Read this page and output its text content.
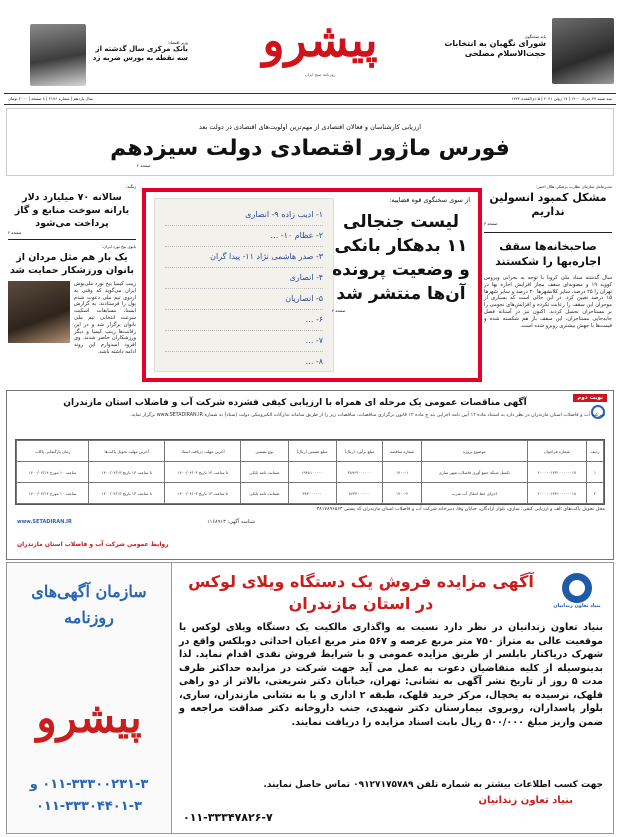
پایه سخنگوی
شورای نگهبان به انتخابات حجت‌الاسلام مصلحی
پیشرو
روزنامه صبح ایران
وزیر اقتصاد:
بانک مرکزی سال گذشته از سه نقطه به بورس ضربه زد
سه شنبه ۲۷ خرداد ۱۴۰۰ | ۱۷ ژوئن ۲۰۲۱ | ۵ ذی‌القعده ۱۴۴۲
سال یازدهم | شماره ۴۱۷۶ | ۸ صفحه | ۲۰۰۰ تومان
ارزیابی کارشناسان و فعالان اقتصادی از مهم‌ترین اولویت‌های اقتصادی در دولت بعد
فورس ماژور اقتصادی دولت سیزدهم
صفحه ۲
مدیرعامل سازمان نظارت بزشکی هلال احمر:
مشکل کمبود انسولین نداریم
صفحه ۳
صاحبخانه‌ها سقف اجاره‌بها را شکستند
سال گذشته ستاد ملی کرونا با توجه به بحرانی ویروس کووید ۱۹ و مصوبه‌ای سقف مجاز افزایش اجاره بها در تهران را ۲۵ درصد، سایر کلانشهرها ۲۰ درصد و سایر شهرها ۱۵ درصد تعیین کرد. در این حالی است که بسیاری از موجران این سقف را رعایت نکرده و افزایش‌های نجومی را بر مستاجران تحمیل کردند. اکنون نیز در آستانه فصل جابه‌جایی مستاجران، این سقف باز هم شکسته شده و قیمت‌ها با جهش بیشتری روبرو شده است.
۱- ادیب زاده ۹- انصاری
۲- عظام ۱۰- …
۳- صدر هاشمی نژاد ۱۱- پیدا گران
۴- انصاری
۵- انصاریان
۶- …
۷- …
۸- …
از سوی سخنگوی قوه قضاییه:
لیست جنجالی ۱۱ بدهکار بانکی و وضعیت پرونده آن‌ها منتشر شد
صفحه ۲
زنگنه:
سالانه ۷۰ میلیارد دلار یارانه سوخت منابع و گاز پرداخت می‌شود
صفحه ۲
بانوی بیخ نورد ایران:
یک بار هم مثل مردان از بانوان ورزشکار حمایت شد
زینب کیمیا بیخ نورد ملی‌پوش ایران می‌گوید که وقتی به اردوی تیم ملی دعوت شدم پول را فرستادند. به گزارش ایسنا، مسابقات اسکیت سرعت انتخابی تیم ملی بانوان برگزار شد و در این رقابت‌ها زینب کیمیا و دیگر ورزشکاران حاضر شدند. وی افزود امیدوارم این روند ادامه داشته باشد.
نوبت دوم
آگهی مناقصات عمومی یک مرحله ای همراه با ارزیابی کیفی فشرده شرکت آب و فاضلاب استان مازندران
شرکت آب و فاضلاب استان مازندران در نظر دارد به استناد ماده ۱۲ آیین نامه اجرایی بند ج ماده ۱۲ قانون برگزاری مناقصات، مناقصات زیر را از طریق سامانه تدارکات الکترونیکی دولت (ستاد) به شماره www.SETADIRAN.IR برگزار نماید.
ردیف	شماره فراخوان	موضوع پروژه	شماره مناقصه	مبلغ برآورد (ریال)	مبلغ تضمین (ریال)	نوع تضمین	آخرین مهلت دریافت اسناد	آخرین مهلت تحویل پاکت‌ها	زمان بازگشایی پاکات
۱	۲۰۰۰۰۰۱۴۳۱۰۰۰۰۰۰۱۷	تکمیل شبکه جمع آوری فاضلاب شهر ساری	۱۴۰۰-۱	۳۸۹۶۲۰۰۰۰۰۰	۱۹۴۸۱۰۰۰۰۰	ضمانت نامه بانکی	تا ساعت ۱۳ تاریخ ۱۴۰۰/۰۴/۰۳	تا ساعت ۱۳ تاریخ ۱۴۰۰/۰۴/۱۳	ساعت ۱۰ مورخ ۱۴۰۰/۰۴/۱۴
۲	۲۰۰۰۰۰۱۴۳۱۰۰۰۰۰۰۱۸	اجرای خط انتقال آب شرب	۱۴۰۰-۲	۷۶۴۳۰۰۰۰۰۰	۳۸۳۰۰۰۰۰۰	ضمانت نامه بانکی	تا ساعت ۱۳ تاریخ ۱۴۰۰/۰۴/۰۳	تا ساعت ۱۳ تاریخ ۱۴۰۰/۰۴/۱۳	ساعت ۱۰ مورخ ۱۴۰۰/۰۴/۱۴
محل تحویل پاکت‌های الف و ارزیابی کیفی: ساری، بلوار آزادگان، خیابان وفا، دبیرخانه شرکت آب و فاضلاب استان مازندران کد پستی ۴۸۱۷۸۹۶۵۶۳
www.SETADIRAN.IR	شناسه آگهی: ۱۱۶۸۹۱۳
روابط عمومی شرکت آب و فاضلاب استان مازندران
بنیاد تعاون زندانیان
آگهی مزایده فروش یک دستگاه ویلای لوکس در استان مازندران
بنیاد تعاون زندانیان در نظر دارد نسبت به واگذاری مالکیت یک دستگاه ویلای لوکس با موقعیت عالی به متراژ ۷۵۰ متر مربع عرصه و ۵۶۷ متر مربع اعیان احداثی دوبلکس واقع در شهرک دریاکنار بابلسر از طریق مزایده عمومی و با شرایط فروش نقدی اقدام نماید. لذا بدینوسیله از کلیه متقاضیان دعوت به عمل می آید جهت شرکت در مزایده حداکثر ظرف مدت ۵ روز از تاریخ نشر آگهی به نشانی: تهران، خیابان دکتر شریعتی، بالاتر از دو راهی قلهک، نرسیده به یخچال، مرکز خرید قلهک، طبقه ۲ اداری و یا به نشانی مازندران، ساری، بلوار پاسداران، روبروی بیمارستان دکتر شهیدی، جنب داروخانه دکتر صداقت مراجعه و ضمن واریز مبلغ ۵۰۰/۰۰۰ ریال بابت اسناد مزایده را دریافت نمایند.
جهت کسب اطلاعات بیشتر به شماره تلفن ۰۹۱۲۷۱۷۵۷۸۹ تماس حاصل نمایند.
بنیاد تعاون زندانیان
۰۱۱-۳۳۳۴۷۸۲۶-۷
سازمان آگهی‌های روزنامه
پیشرو
۰۱۱-۳۳۳۰۰۲۳۱-۳ و
۰۱۱-۳۳۳۰۴۴۰۱-۳
